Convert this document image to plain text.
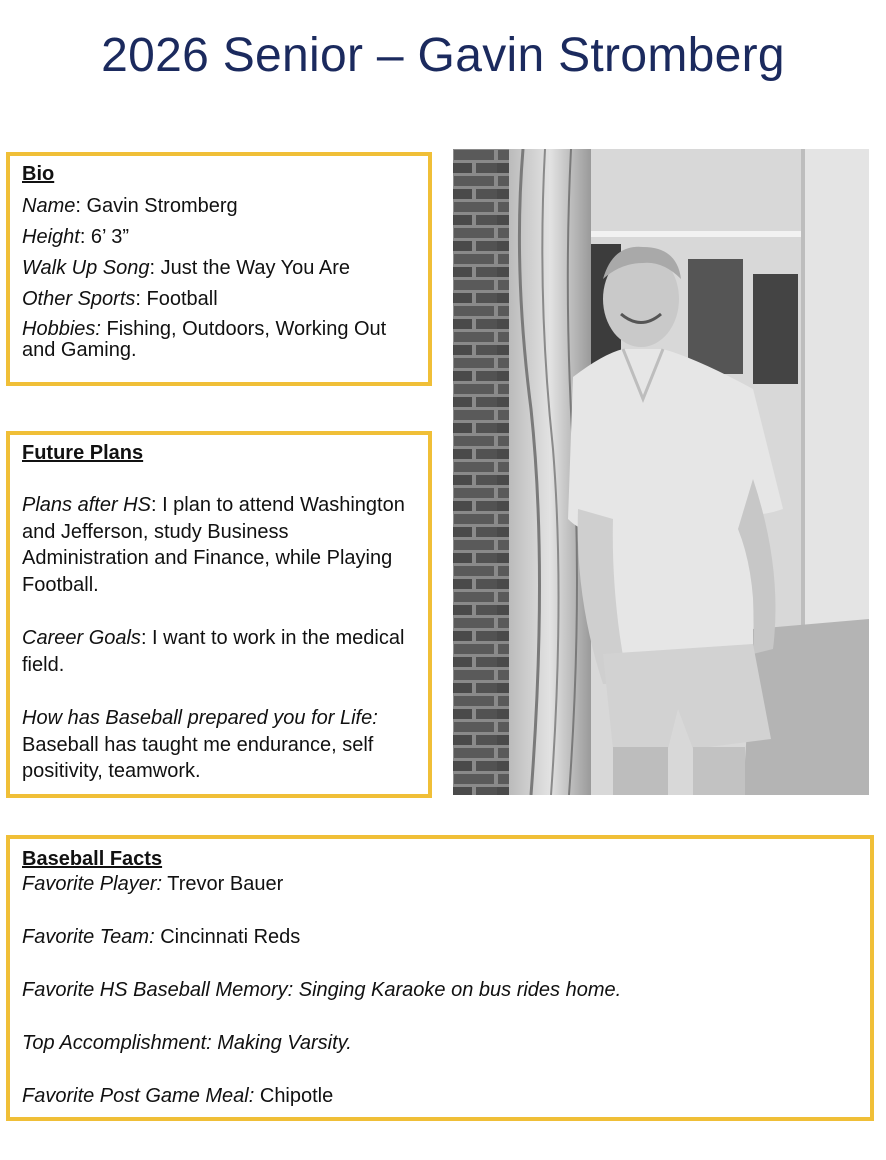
2026 Senior – Gavin Stromberg
Bio

Name: Gavin Stromberg

Height: 6’ 3”

Walk Up Song: Just the Way You Are

Other Sports: Football

Hobbies: Fishing, Outdoors, Working Out and Gaming.

Future Plans

Plans after HS: I plan to attend Washington and Jefferson, study Business Administration and Finance, while Playing Football.

Career Goals: I want to work in the medical field.

How has Baseball prepared you for Life: Baseball has taught me endurance, self positivity, teamwork.

Baseball Facts

Favorite Player: Trevor Bauer

Favorite Team: Cincinnati Reds

Favorite HS Baseball Memory: Singing Karaoke on bus rides home.

Top Accomplishment: Making Varsity.

Favorite Post Game Meal: Chipotle
